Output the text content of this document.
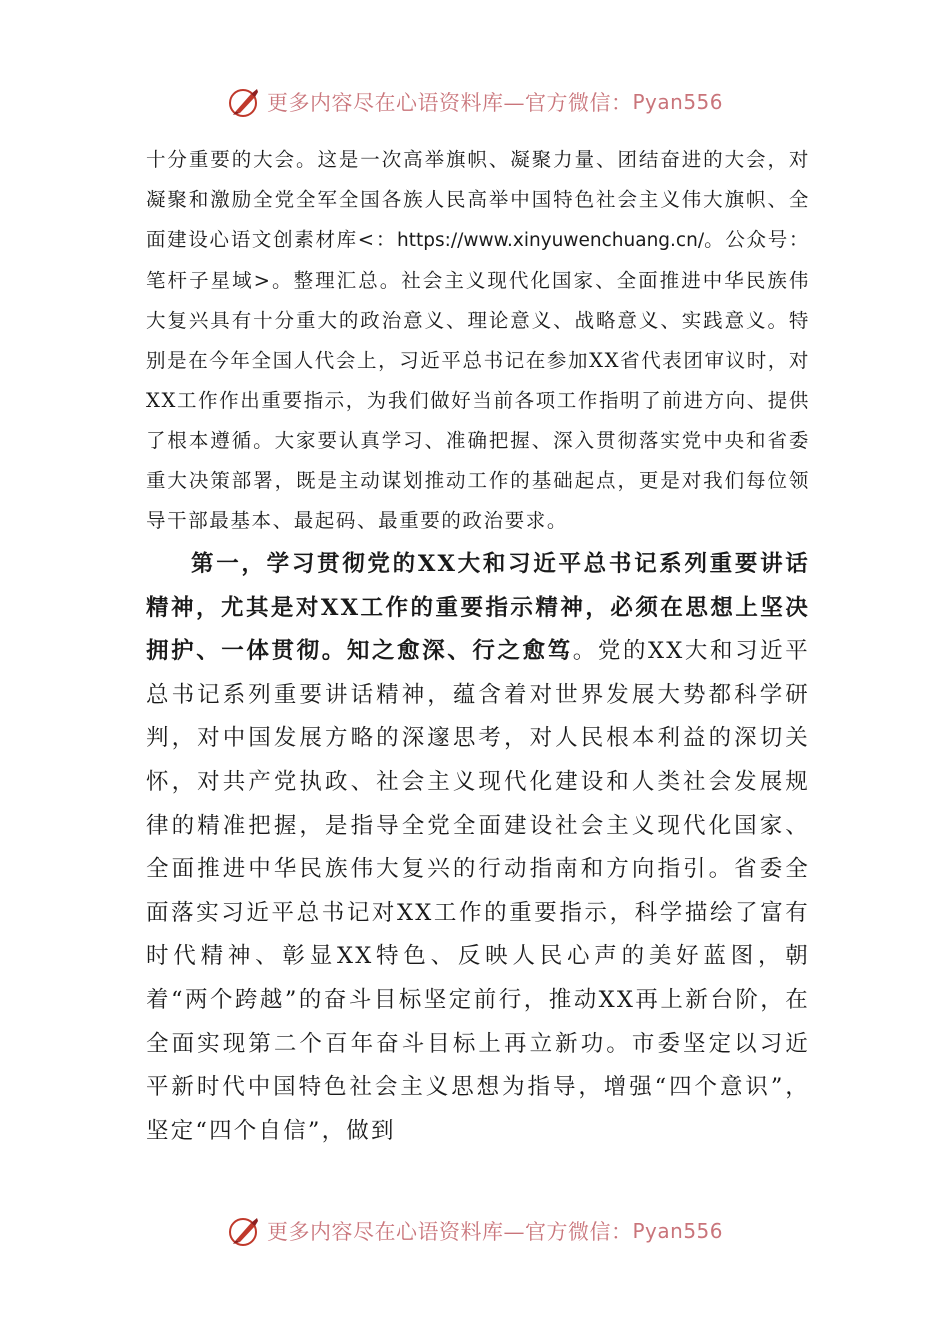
更多内容尽在心语资料库— 官方微信： Pyan556

十分重要的大会。这是一次高举旗帜、凝聚力量、团结奋进的大会，对凝聚和激励全党全军全国各族人民高举中国特色社会主义伟大旗帜、全面建设心语文创素材库<：https://www.xinyuwenchuang.cn/。公众号：笔杆子星域>。整理汇总。社会主义现代化国家、全面推进中华民族伟大复兴具有十分重大的政治意义、理论意义、战略意义、实践意义。特别是在今年全国人代会上，习近平总书记在参加XX省代表团审议时，对XX工作作出重要指示，为我们做好当前各项工作指明了前进方向、提供了根本遵循。大家要认真学习、准确把握、深入贯彻落实党中央和省委重大决策部署，既是主动谋划推动工作的基础起点，更是对我们每位领导干部最基本、最起码、最重要的政治要求。

第一，学习贯彻党的XX大和习近平总书记系列重要讲话精神，尤其是对XX工作的重要指示精神，必须在思想上坚决拥护、一体贯彻。知之愈深、行之愈笃。党的XX大和习近平总书记系列重要讲话精神，蕴含着对世界发展大势都科学研判，对中国发展方略的深邃思考，对人民根本利益的深切关怀，对共产党执政、社会主义现代化建设和人类社会发展规律的精准把握，是指导全党全面建设社会主义现代化国家、全面推进中华民族伟大复兴的行动指南和方向指引。省委全面落实习近平总书记对XX工作的重要指示，科学描绘了富有时代精神、彰显XX特色、反映人民心声的美好蓝图，朝着“两个跨越”的奋斗目标坚定前行，推动XX再上新台阶，在全面实现第二个百年奋斗目标上再立新功。市委坚定以习近平新时代中国特色社会主义思想为指导，增强“四个意识”，坚定“四个自信”，做到

更多内容尽在心语资料库— 官方微信： Pyan556
